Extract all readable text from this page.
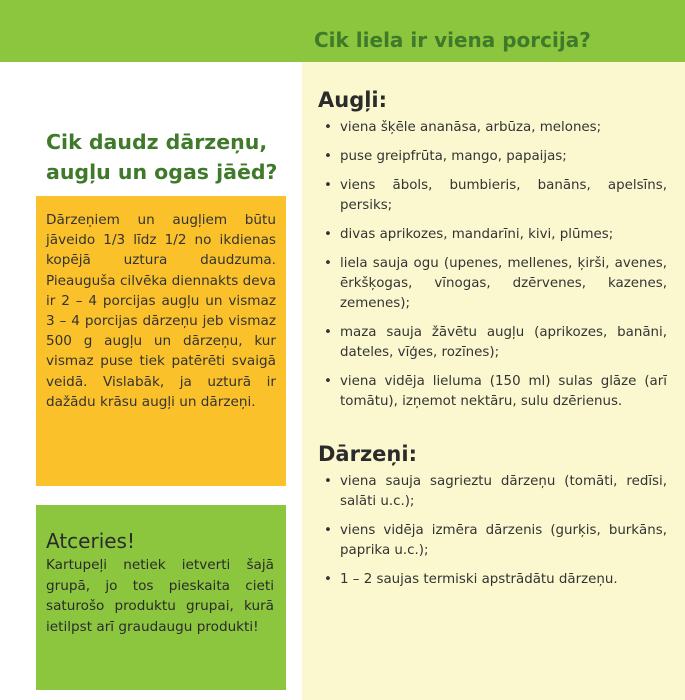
Cik liela ir viena porcija?
Cik daudz dārzeņu, augļu un ogas jāēd?

Dārzeņiem un augļiem būtu jāveido 1/3 līdz 1/2 no ikdienas kopējā uztura daudzuma. Pieauguša cilvēka diennakts deva ir 2 – 4 porcijas augļu un vismaz 3 – 4 porcijas dārzeņu jeb vismaz 500 g augļu un dārzeņu, kur vismaz puse tiek patērēti svaigā veidā. Vislabāk, ja uzturā ir dažādu krāsu augļi un dārzeņi.

Atceries!

Kartupeļi netiek ietverti šajā grupā, jo tos pieskaita cieti saturošo produktu grupai, kurā ietilpst arī graudaugu produkti!

Augļi:
• viena šķēle ananāsa, arbūza, melones;
• puse greipfrūta, mango, papaijas;
• viens ābols, bumbieris, banāns, apelsīns, persiks;
• divas aprikozes, mandarīni, kivi, plūmes;
• liela sauja ogu (upenes, mellenes, ķirši, avenes, ērkšķogas, vīnogas, dzērvenes, kazenes, zemenes);
• maza sauja žāvētu augļu (aprikozes, banāni, dateles, vīģes, rozīnes);
• viena vidēja lieluma (150 ml) sulas glāze (arī tomātu), izņemot nektāru, sulu dzērienus.
Dārzeņi:
• viena sauja sagrieztu dārzeņu (tomāti, redīsi, salāti u.c.);
• viens vidēja izmēra dārzenis (gurķis, burkāns, paprika u.c.);
• 1 – 2 saujas termiski apstrādātu dārzeņu.
